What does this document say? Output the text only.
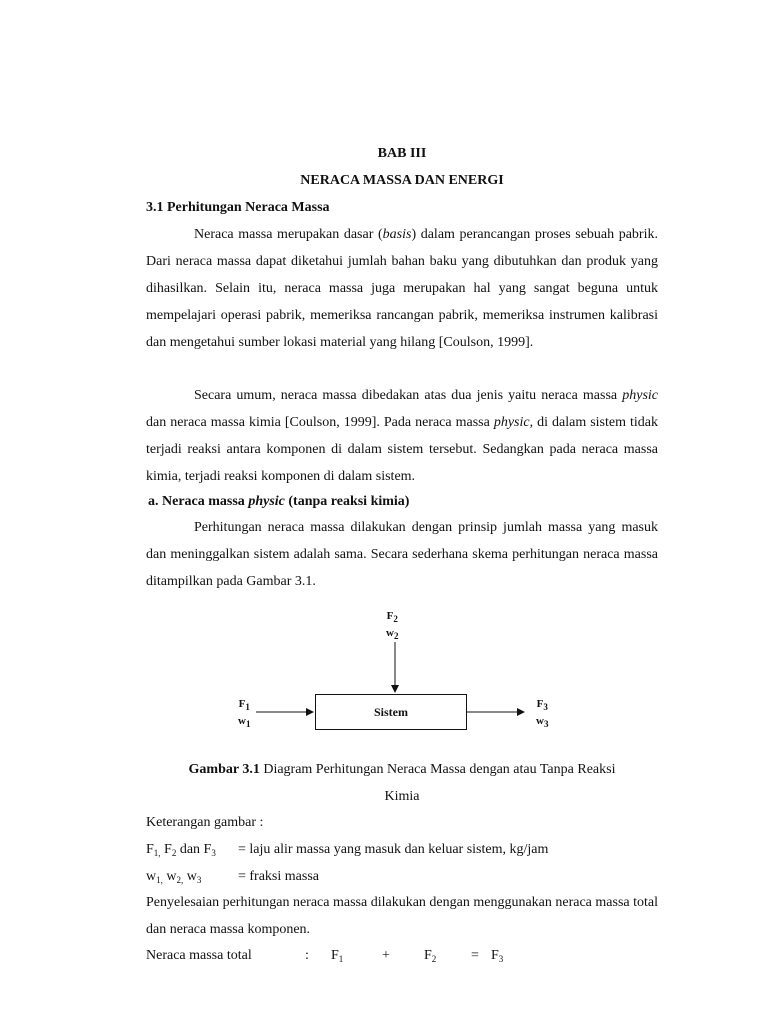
BAB III
NERACA MASSA DAN ENERGI
3.1 Perhitungan Neraca Massa

Neraca massa merupakan dasar (basis) dalam perancangan proses sebuah pabrik. Dari neraca massa dapat diketahui jumlah bahan baku yang dibutuhkan dan produk yang dihasilkan. Selain itu, neraca massa juga merupakan hal yang sangat beguna untuk mempelajari operasi pabrik, memeriksa rancangan pabrik, memeriksa instrumen kalibrasi dan mengetahui sumber lokasi material yang hilang [Coulson, 1999].

Secara umum, neraca massa dibedakan atas dua jenis yaitu neraca massa physic dan neraca massa kimia [Coulson, 1999]. Pada neraca massa physic, di dalam sistem tidak terjadi reaksi antara komponen di dalam sistem tersebut. Sedangkan pada neraca massa kimia, terjadi reaksi komponen di dalam sistem.

a. Neraca massa physic (tanpa reaksi kimia)

Perhitungan neraca massa dilakukan dengan prinsip jumlah massa yang masuk dan meninggalkan sistem adalah sama. Secara sederhana skema perhitungan neraca massa ditampilkan pada Gambar 3.1.

$F_2$
$w_2$
$F_1$
$w_1$
Sistem
$F_3$
$w_3$
Gambar 3.1 Diagram Perhitungan Neraca Massa dengan atau Tanpa Reaksi
Kimia
Keterangan gambar :
$F_{1,}$ $F_2$ dan $F_3$ = laju alir massa yang masuk dan keluar sistem, kg/jam
$w_{1,}$ $w_{2,}$ $w_3$	= fraksi massa

Penyelesaian perhitungan neraca massa dilakukan dengan menggunakan neraca massa total dan neraca massa komponen.

Neraca massa total	: $F_1$	+ $F_2 = F_3$
